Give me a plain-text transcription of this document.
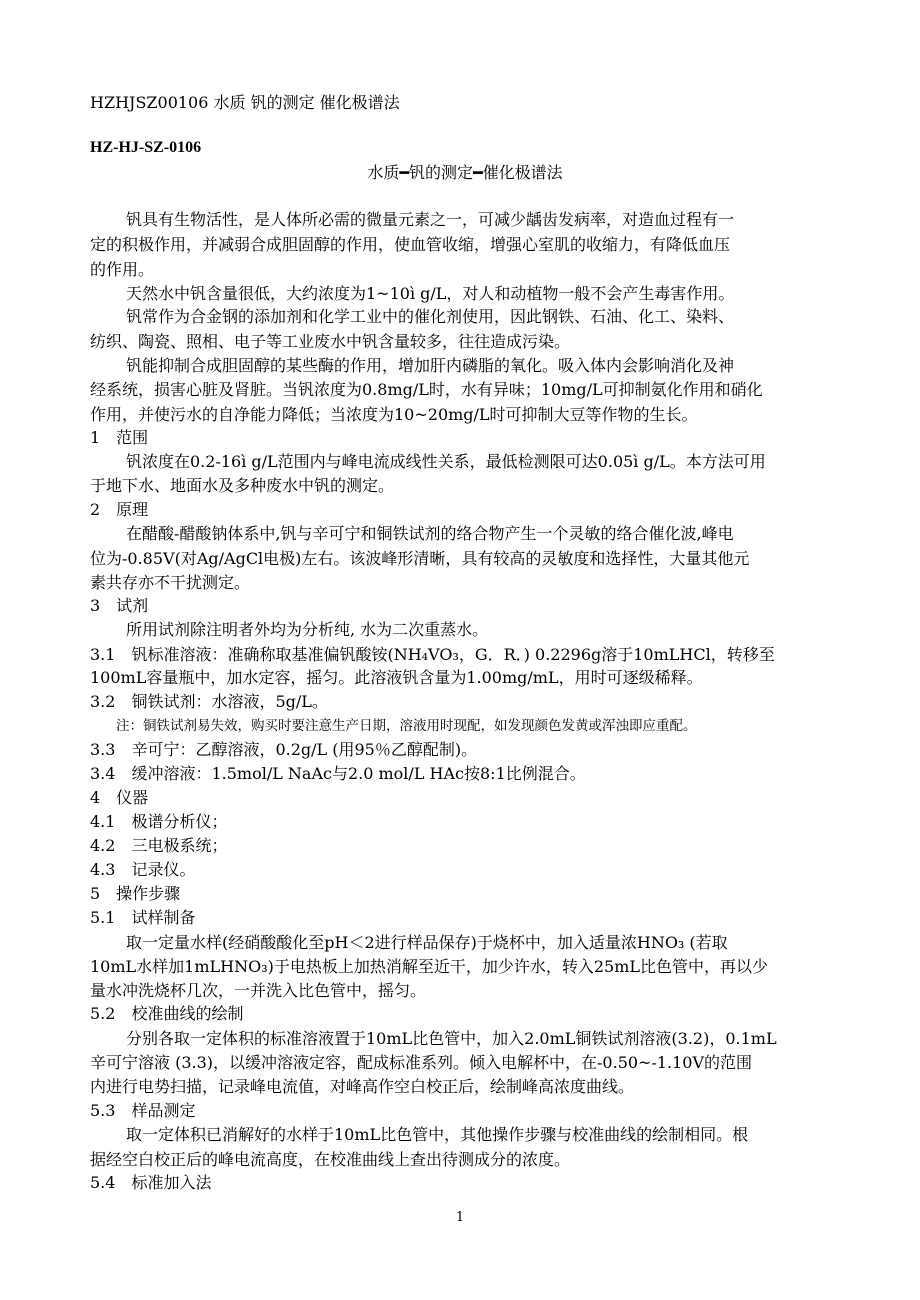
HZHJSZ00106 水质 钒的测定 催化极谱法
HZ-HJ-SZ-0106
水质━钒的测定━催化极谱法
钒具有生物活性，是人体所必需的微量元素之一，可减少龋齿发病率，对造血过程有一
定的积极作用，并减弱合成胆固醇的作用，使血管收缩，增强心室肌的收缩力，有降低血压
的作用。
天然水中钒含量很低，大约浓度为1~10ì g/L，对人和动植物一般不会产生毒害作用。
钒常作为合金钢的添加剂和化学工业中的催化剂使用，因此钢铁、石油、化工、染料、
纺织、陶瓷、照相、电子等工业废水中钒含量较多，往往造成污染。
钒能抑制合成胆固醇的某些酶的作用，增加肝内磷脂的氧化。吸入体内会影响消化及神
经系统，损害心脏及肾脏。当钒浓度为0.8mg/L时，水有异味；10mg/L可抑制氨化作用和硝化
作用，并使污水的自净能力降低；当浓度为10~20mg/L时可抑制大豆等作物的生长。
1　范围
钒浓度在0.2-16ì g/L范围内与峰电流成线性关系，最低检测限可达0.05ì g/L。本方法可用
于地下水、地面水及多种废水中钒的测定。
2　原理
在醋酸-醋酸钠体系中,钒与辛可宁和铜铁试剂的络合物产生一个灵敏的络合催化波,峰电
位为-0.85V(对Ag/AgCl电极)左右。该波峰形清晰，具有较高的灵敏度和选择性，大量其他元
素共存亦不干扰测定。
3　试剂
所用试剂除注明者外均为分析纯, 水为二次重蒸水。
3.1　钒标准溶液：准确称取基准偏钒酸铵(NH₄VO₃，G．R．) 0.2296g溶于10mLHCl，转移至
100mL容量瓶中，加水定容，摇匀。此溶液钒含量为1.00mg/mL，用时可逐级稀释。
3.2　铜铁试剂：水溶液，5g/L。
注：铜铁试剂易失效，购买时要注意生产日期，溶液用时现配，如发现颜色发黄或浑浊即应重配。
3.3　辛可宁：乙醇溶液，0.2g/L (用95％乙醇配制)。
3.4　缓冲溶液：1.5mol/L NaAc与2.0 mol/L HAc按8:1比例混合。
4　仪器
4.1　极谱分析仪；
4.2　三电极系统；
4.3　记录仪。
5　操作步骤
5.1　试样制备
取一定量水样(经硝酸酸化至pH＜2进行样品保存)于烧杯中，加入适量浓HNO₃ (若取
10mL水样加1mLHNO₃)于电热板上加热消解至近干，加少许水，转入25mL比色管中，再以少
量水冲洗烧杯几次，一并洗入比色管中，摇匀。
5.2　校准曲线的绘制
分别各取一定体积的标准溶液置于10mL比色管中，加入2.0mL铜铁试剂溶液(3.2)，0.1mL
辛可宁溶液 (3.3)，以缓冲溶液定容，配成标准系列。倾入电解杯中，在-0.50~-1.10V的范围
内进行电势扫描，记录峰电流值，对峰高作空白校正后，绘制峰高浓度曲线。
5.3　样品测定
取一定体积已消解好的水样于10mL比色管中，其他操作步骤与校准曲线的绘制相同。根
据经空白校正后的峰电流高度，在校准曲线上查出待测成分的浓度。
5.4　标准加入法
1
